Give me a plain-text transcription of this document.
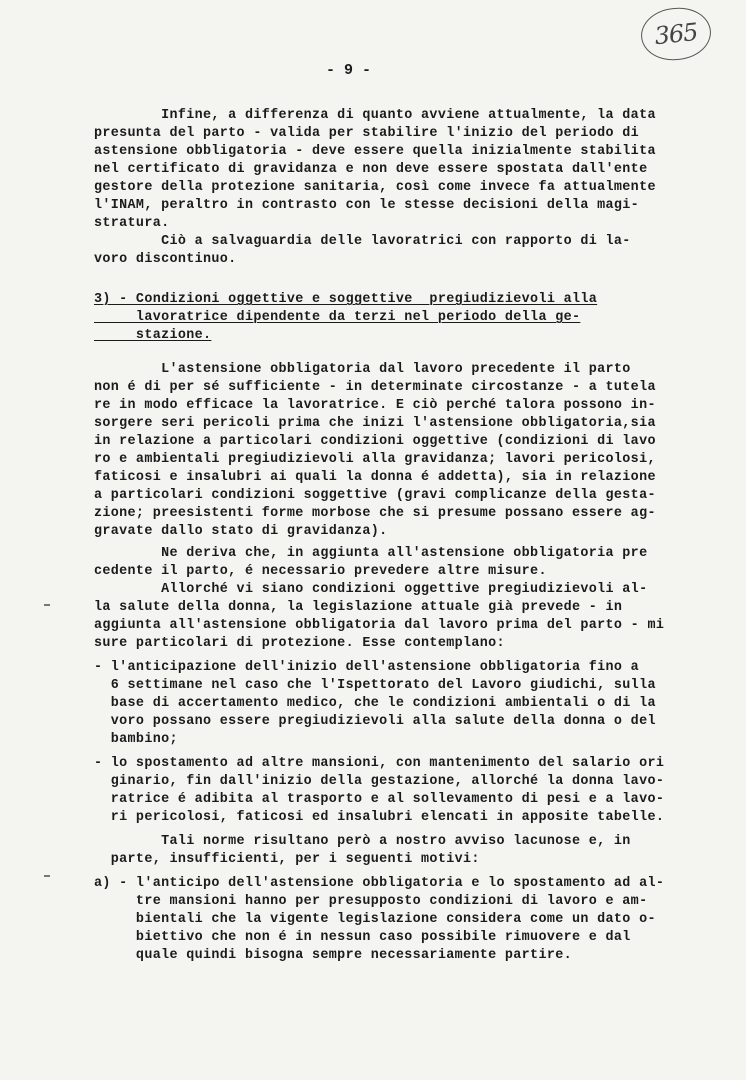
365
- 9 -
Infine, a differenza di quanto avviene attualmente, la data
presunta del parto - valida per stabilire l'inizio del periodo di
astensione obbligatoria - deve essere quella inizialmente stabilita
nel certificato di gravidanza e non deve essere spostata dall'ente
gestore della protezione sanitaria, così come invece fa attualmente
l'INAM, peraltro in contrasto con le stesse decisioni della magi-
stratura.
Ciò a salvaguardia delle lavoratrici con rapporto di la-
voro discontinuo.
3) - Condizioni oggettive e soggettive  pregiudizievoli alla
lavoratrice dipendente da terzi nel periodo della ge-
stazione.
L'astensione obbligatoria dal lavoro precedente il parto
non é di per sé sufficiente - in determinate circostanze - a tutela
re in modo efficace la lavoratrice. E ciò perché talora possono in-
sorgere seri pericoli prima che inizi l'astensione obbligatoria,sia
in relazione a particolari condizioni oggettive (condizioni di lavo
ro e ambientali pregiudizievoli alla gravidanza; lavori pericolosi,
faticosi e insalubri ai quali la donna é addetta), sia in relazione
a particolari condizioni soggettive (gravi complicanze della gesta-
zione; preesistenti forme morbose che si presume possano essere ag-
gravate dallo stato di gravidanza).
Ne deriva che, in aggiunta all'astensione obbligatoria pre
cedente il parto, é necessario prevedere altre misure.
Allorché vi siano condizioni oggettive pregiudizievoli al-
la salute della donna, la legislazione attuale già prevede - in
aggiunta all'astensione obbligatoria dal lavoro prima del parto - mi
sure particolari di protezione. Esse contemplano:
- l'anticipazione dell'inizio dell'astensione obbligatoria fino a
6 settimane nel caso che l'Ispettorato del Lavoro giudichi, sulla
base di accertamento medico, che le condizioni ambientali o di la
voro possano essere pregiudizievoli alla salute della donna o del
bambino;
- lo spostamento ad altre mansioni, con mantenimento del salario ori
ginario, fin dall'inizio della gestazione, allorché la donna lavo-
ratrice é adibita al trasporto e al sollevamento di pesi e a lavo-
ri pericolosi, faticosi ed insalubri elencati in apposite tabelle.
Tali norme risultano però a nostro avviso lacunose e, in
parte, insufficienti, per i seguenti motivi:
a) - l'anticipo dell'astensione obbligatoria e lo spostamento ad al-
tre mansioni hanno per presupposto condizioni di lavoro e am-
bientali che la vigente legislazione considera come un dato o-
biettivo che non é in nessun caso possibile rimuovere e dal
quale quindi bisogna sempre necessariamente partire.
